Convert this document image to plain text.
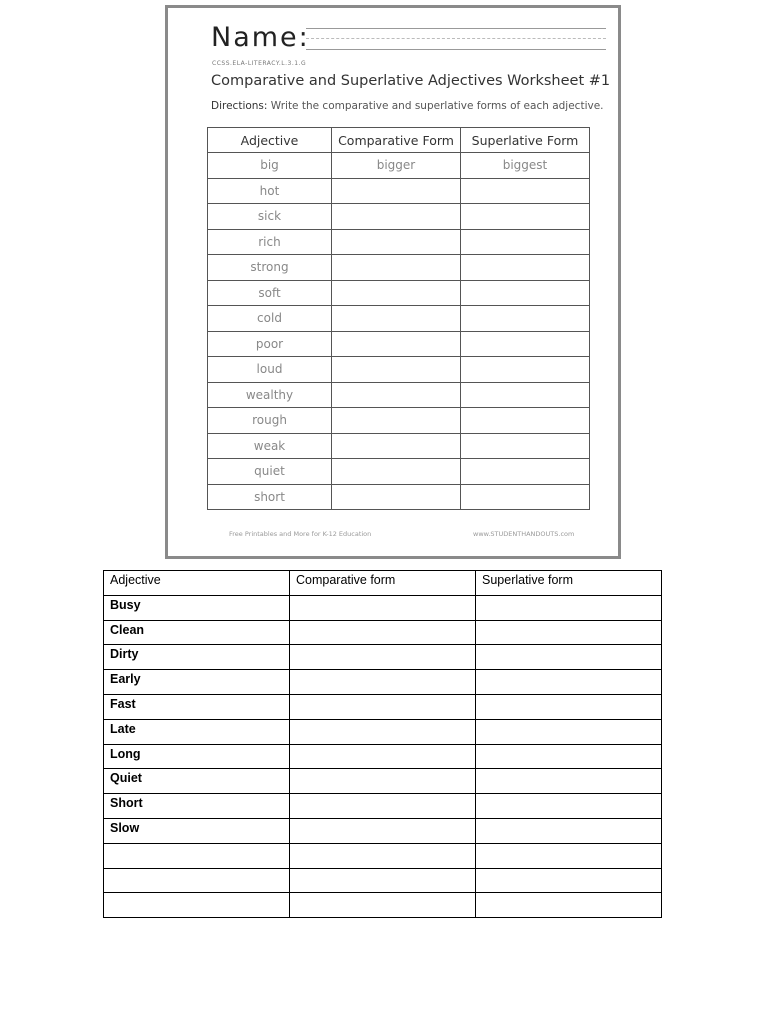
Name:
CCSS.ELA-LITERACY.L.3.1.G
Comparative and Superlative Adjectives Worksheet #1
Directions: Write the comparative and superlative forms of each adjective.
Adjective	Comparative Form	Superlative Form
big	bigger	biggest
hot		
sick		
rich		
strong		
soft		
cold		
poor		
loud		
wealthy		
rough		
weak		
quiet		
short		
Free Printables and More for K-12 Education	www.STUDENTHANDOUTS.com
Adjective	Comparative form	Superlative form
Busy		
Clean		
Dirty		
Early		
Fast		
Late		
Long		
Quiet		
Short		
Slow		
